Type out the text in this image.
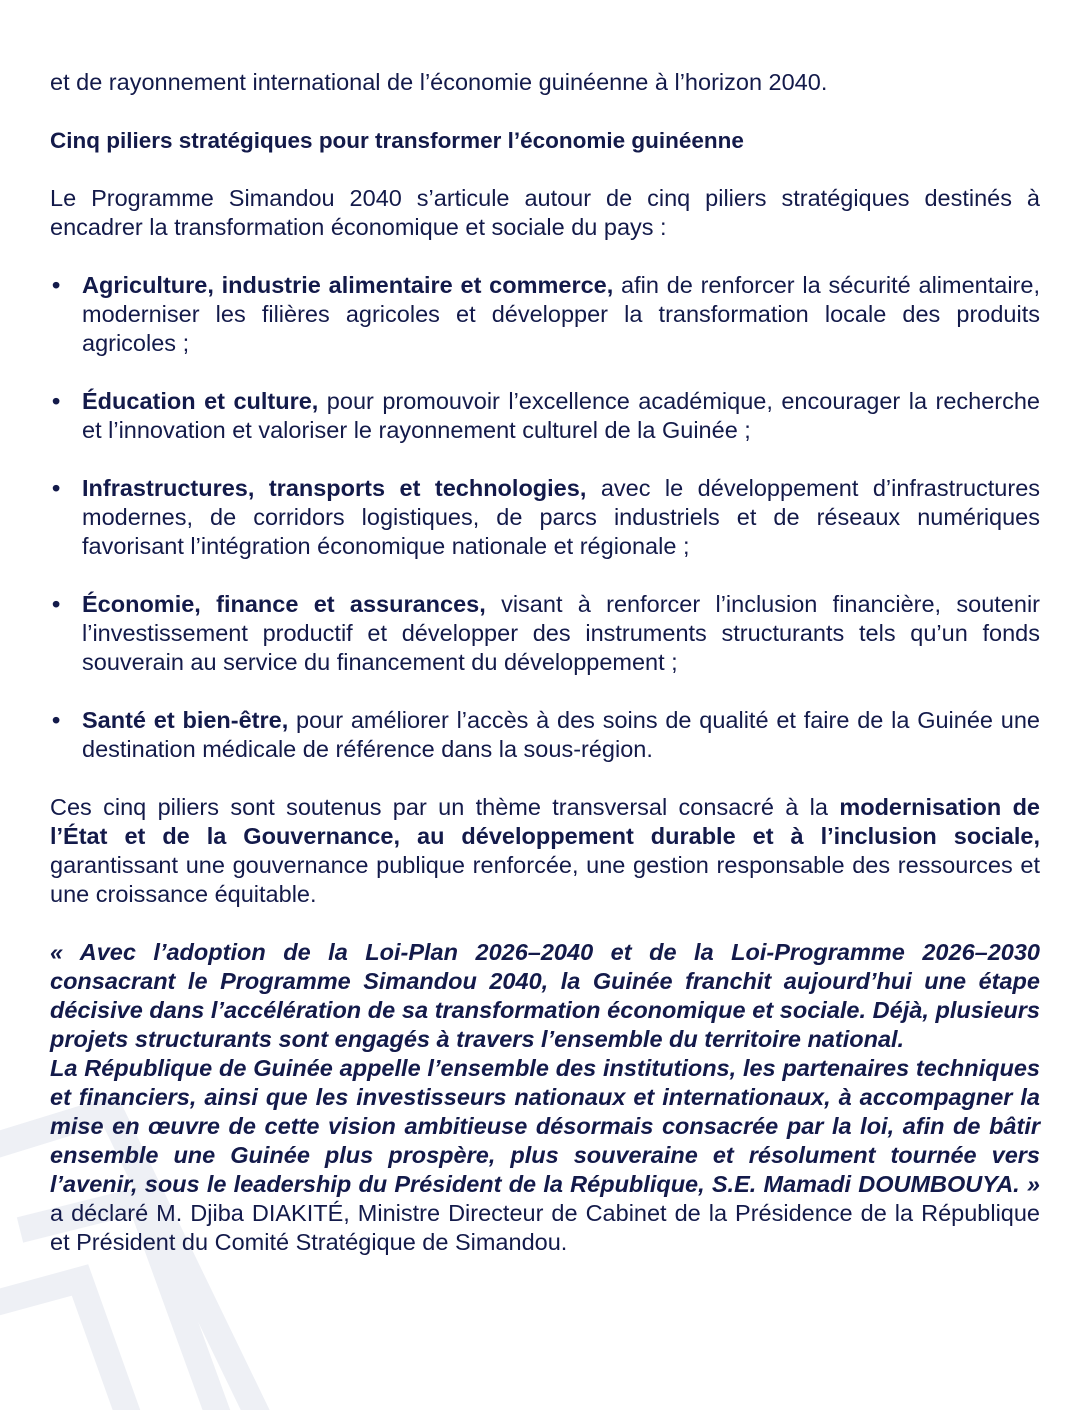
et de rayonnement international de l’économie guinéenne à l’horizon 2040.

Cinq piliers stratégiques pour transformer l’économie guinéenne

Le Programme Simandou 2040 s’articule autour de cinq piliers stratégiques destinés à encadrer la transformation économique et sociale du pays :

• Agriculture, industrie alimentaire et commerce, afin de renforcer la sécurité alimentaire, moderniser les filières agricoles et développer la transformation locale des produits agricoles ;
• Éducation et culture, pour promouvoir l’excellence académique, encourager la recherche et l’innovation et valoriser le rayonnement culturel de la Guinée ;
• Infrastructures, transports et technologies, avec le développement d’infrastructures modernes, de corridors logistiques, de parcs industriels et de réseaux numériques favorisant l’intégration économique nationale et régionale ;
• Économie, finance et assurances, visant à renforcer l’inclusion financière, soutenir l’investissement productif et développer des instruments structurants tels qu’un fonds souverain au service du financement du développement ;
• Santé et bien-être, pour améliorer l’accès à des soins de qualité et faire de la Guinée une destination médicale de référence dans la sous-région.

Ces cinq piliers sont soutenus par un thème transversal consacré à la modernisation de l’État et de la Gouvernance, au développement durable et à l’inclusion sociale, garantissant une gouvernance publique renforcée, une gestion responsable des ressources et une croissance équitable.

« Avec l’adoption de la Loi-Plan 2026–2040 et de la Loi-Programme 2026–2030 consacrant le Programme Simandou 2040, la Guinée franchit aujourd’hui une étape décisive dans l’accélération de sa transformation économique et sociale. Déjà, plusieurs projets structurants sont engagés à travers l’ensemble du territoire national.

La République de Guinée appelle l’ensemble des institutions, les partenaires techniques et financiers, ainsi que les investisseurs nationaux et internationaux, à accompagner la mise en œuvre de cette vision ambitieuse désormais consacrée par la loi, afin de bâtir ensemble une Guinée plus prospère, plus souveraine et résolument tournée vers l’avenir, sous le leadership du Président de la République, S.E. Mamadi DOUMBOUYA. » a déclaré M. Djiba DIAKITÉ, Ministre Directeur de Cabinet de la Présidence de la République et Président du Comité Stratégique de Simandou.
